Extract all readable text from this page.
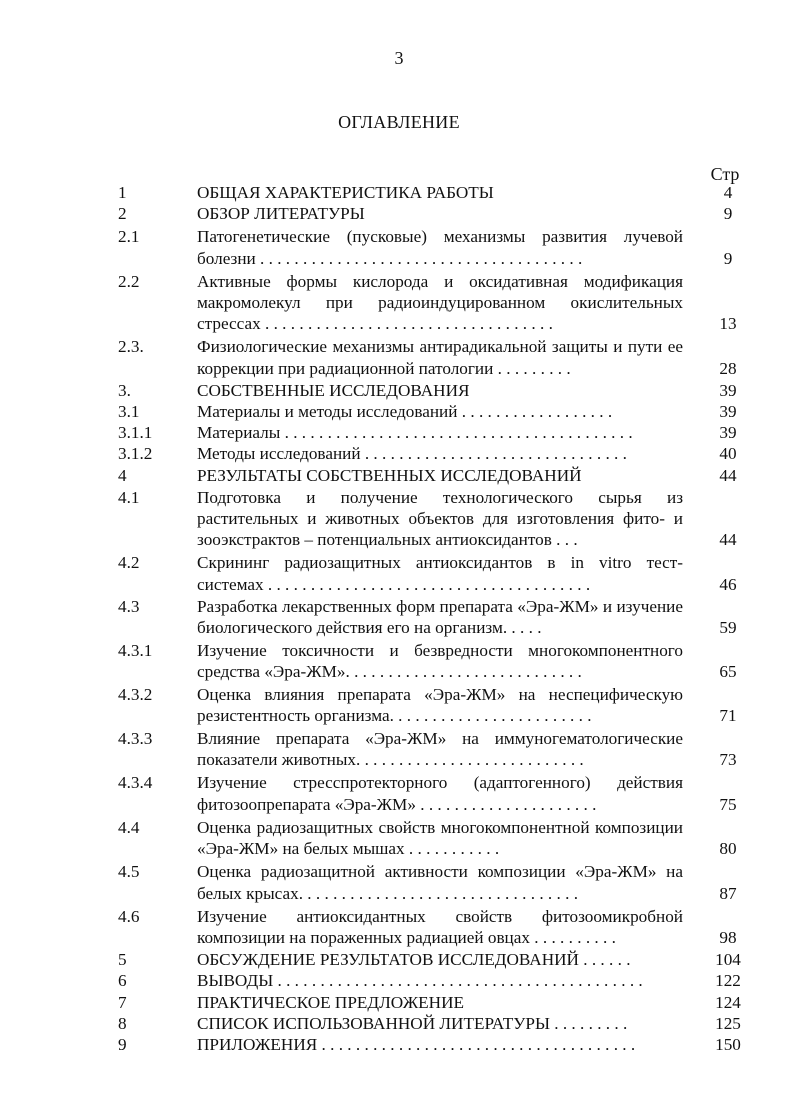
3
ОГЛАВЛЕНИЕ
Стр
1	ОБЩАЯ ХАРАКТЕРИСТИКА РАБОТЫ	4
2	ОБЗОР ЛИТЕРАТУРЫ	9
2.1	Патогенетические (пусковые) механизмы развития лучевой болезни . . . . . . . . . . . . . . . . . . . . . . . . . . . . . . . . . . . . . .	9
2.2	Активные формы кислорода и оксидативная модификация макромолекул при радиоиндуцированном окислительных стрессах . . . . . . . . . . . . . . . . . . . . . . . . . . . . . . . . . .	13
2.3.	Физиологические механизмы антирадикальной защиты и пути ее коррекции при радиационной патологии . . . . . . . . .	28
3.	СОБСТВЕННЫЕ ИССЛЕДОВАНИЯ	39
3.1	Материалы и методы исследований . . . . . . . . . . . . . . . . . .	39
3.1.1	Материалы . . . . . . . . . . . . . . . . . . . . . . . . . . . . . . . . . . . . . . . . .	39
3.1.2	Методы исследований . . . . . . . . . . . . . . . . . . . . . . . . . . . . . . .	40
4	РЕЗУЛЬТАТЫ СОБСТВЕННЫХ ИССЛЕДОВАНИЙ	44
4.1	Подготовка и получение технологического сырья из растительных и животных объектов для изготовления фито- и зооэкстрактов – потенциальных антиоксидантов . . .	44
4.2	Скрининг радиозащитных антиоксидантов в in vitro тест-системах . . . . . . . . . . . . . . . . . . . . . . . . . . . . . . . . . . . . . .	46
4.3	Разработка лекарственных форм препарата «Эра-ЖМ» и изучение биологического действия его на организм. . . . .	59
4.3.1	Изучение токсичности и безвредности многокомпонентного средства «Эра-ЖМ». . . . . . . . . . . . . . . . . . . . . . . . . . . .	65
4.3.2	Оценка влияния препарата «Эра-ЖМ» на неспецифическую резистентность организма. . . . . . . . . . . . . . . . . . . . . . . .	71
4.3.3	Влияние препарата «Эра-ЖМ» на иммуногематологические показатели животных. . . . . . . . . . . . . . . . . . . . . . . . . . .	73
4.3.4	Изучение стресспротекторного (адаптогенного) действия фитозоопрепарата «Эра-ЖМ» . . . . . . . . . . . . . . . . . . . . .	75
4.4	Оценка радиозащитных свойств многокомпонентной композиции «Эра-ЖМ» на белых мышах . . . . . . . . . . .	80
4.5	Оценка радиозащитной активности композиции «Эра-ЖМ» на белых крысах. . . . . . . . . . . . . . . . . . . . . . . . . . . . . . . . .	87
4.6	Изучение антиоксидантных свойств фитозоомикробной композиции на пораженных радиацией овцах . . . . . . . . . .	98
5	ОБСУЖДЕНИЕ РЕЗУЛЬТАТОВ ИССЛЕДОВАНИЙ . . . . . .	104
6	ВЫВОДЫ . . . . . . . . . . . . . . . . . . . . . . . . . . . . . . . . . . . . . . . . . . .	122
7	ПРАКТИЧЕСКОЕ ПРЕДЛОЖЕНИЕ	124
8	СПИСОК ИСПОЛЬЗОВАННОЙ ЛИТЕРАТУРЫ . . . . . . . . .	125
9	ПРИЛОЖЕНИЯ . . . . . . . . . . . . . . . . . . . . . . . . . . . . . . . . . . . . .	150
